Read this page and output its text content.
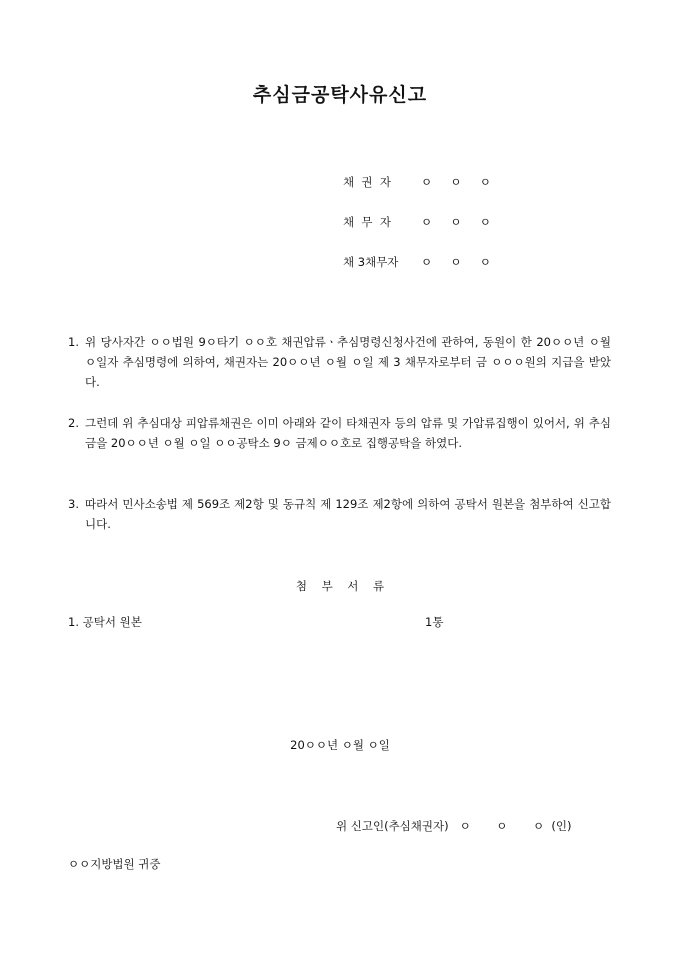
추심금공탁사유신고
채  권  자	ㅇ     ㅇ     ㅇ
채  무  자	ㅇ     ㅇ     ㅇ
채 3채무자 ㅇ     ㅇ     ㅇ
1. 위 당사자간 ㅇㅇ법원 9ㅇ타기 ㅇㅇ호 채권압류ㆍ추심명령신청사건에 관하여, 동원이 한 20ㅇㅇ년 ㅇ월 ㅇ일자 추심명령에 의하여, 채권자는 20ㅇㅇ년 ㅇ월 ㅇ일 제 3 채무자로부터 금 ㅇㅇㅇ원의 지급을 받았다.
2. 그런데 위 추심대상 피압류채권은 이미 아래와 같이 타채권자 등의 압류 및 가압류집행이 있어서, 위 추심금을 20ㅇㅇ년 ㅇ월 ㅇ일 ㅇㅇ공탁소 9ㅇ 금제ㅇㅇ호로 집행공탁을 하였다.
3. 따라서 민사소송법 제 569조 제2항 및 동규칙 제 129조 제2항에 의하여 공탁서 원본을 첨부하여 신고합니다.
첨    부    서    류
1. 공탁서 원본	1통
20ㅇㅇ년 ㅇ월 ㅇ일
위 신고인(추심채권자)   ㅇ       ㅇ       ㅇ  (인)
ㅇㅇ지방법원 귀중
